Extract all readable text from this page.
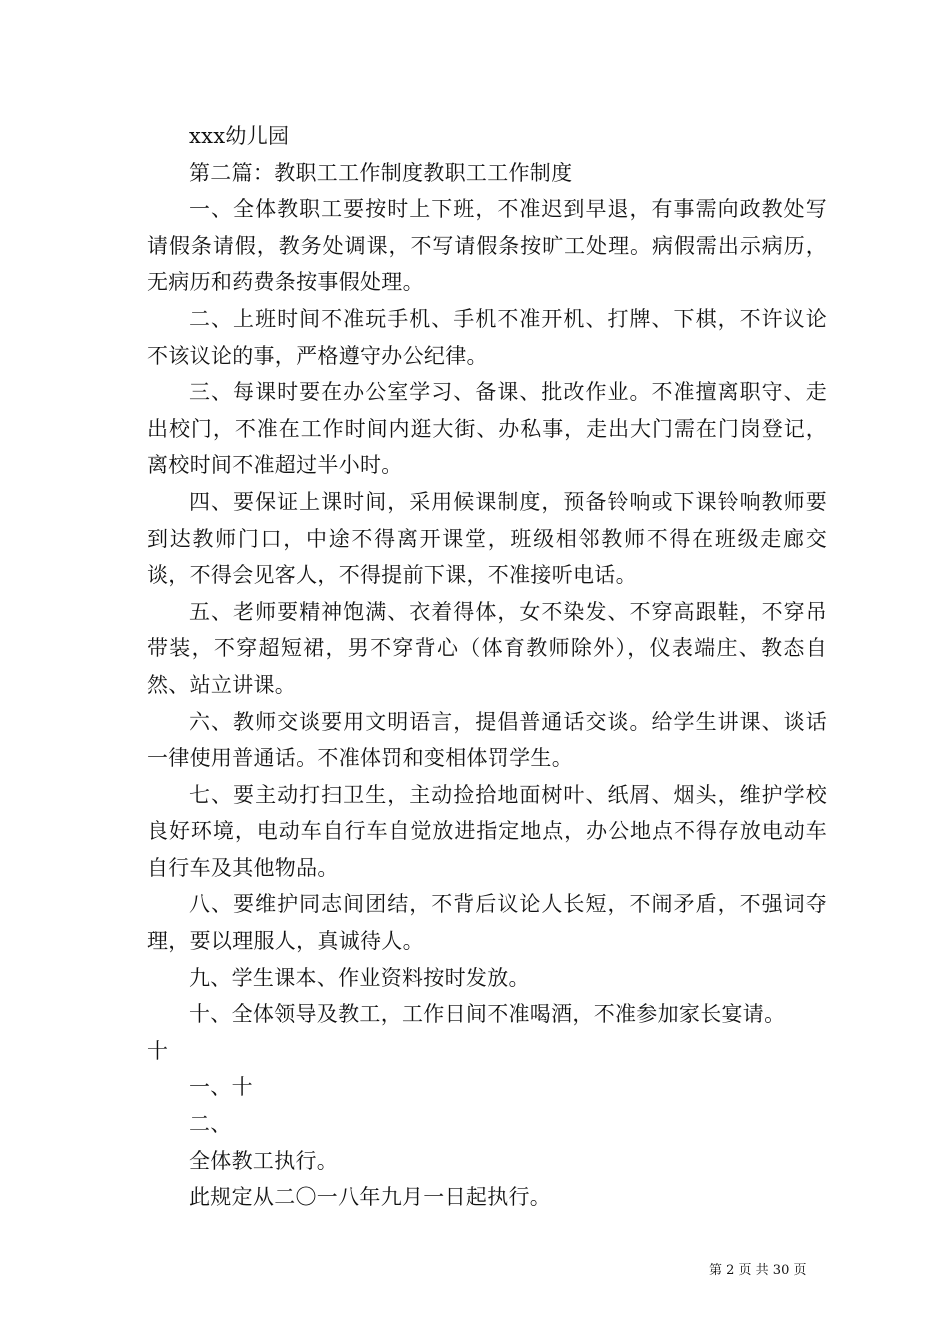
xxx幼儿园

第二篇：教职工工作制度教职工工作制度

一、全体教职工要按时上下班，不准迟到早退，有事需向政教处写请假条请假，教务处调课，不写请假条按旷工处理。病假需出示病历，无病历和药费条按事假处理。

二、上班时间不准玩手机、手机不准开机、打牌、下棋，不许议论不该议论的事，严格遵守办公纪律。

三、每课时要在办公室学习、备课、批改作业。不准擅离职守、走出校门，不准在工作时间内逛大街、办私事，走出大门需在门岗登记，离校时间不准超过半小时。

四、要保证上课时间，采用候课制度，预备铃响或下课铃响教师要到达教师门口，中途不得离开课堂，班级相邻教师不得在班级走廊交谈，不得会见客人，不得提前下课，不准接听电话。

五、老师要精神饱满、衣着得体，女不染发、不穿高跟鞋，不穿吊带装，不穿超短裙，男不穿背心（体育教师除外），仪表端庄、教态自然、站立讲课。

六、教师交谈要用文明语言，提倡普通话交谈。给学生讲课、谈话一律使用普通话。不准体罚和变相体罚学生。

七、要主动打扫卫生，主动捡拾地面树叶、纸屑、烟头，维护学校良好环境，电动车自行车自觉放进指定地点，办公地点不得存放电动车自行车及其他物品。

八、要维护同志间团结，不背后议论人长短，不闹矛盾，不强词夺理，要以理服人，真诚待人。

九、学生课本、作业资料按时发放。

十、全体领导及教工，工作日间不准喝酒，不准参加家长宴请。

十

一、十

二、

全体教工执行。

此规定从二〇一八年九月一日起执行。

第 2 页 共 30 页
